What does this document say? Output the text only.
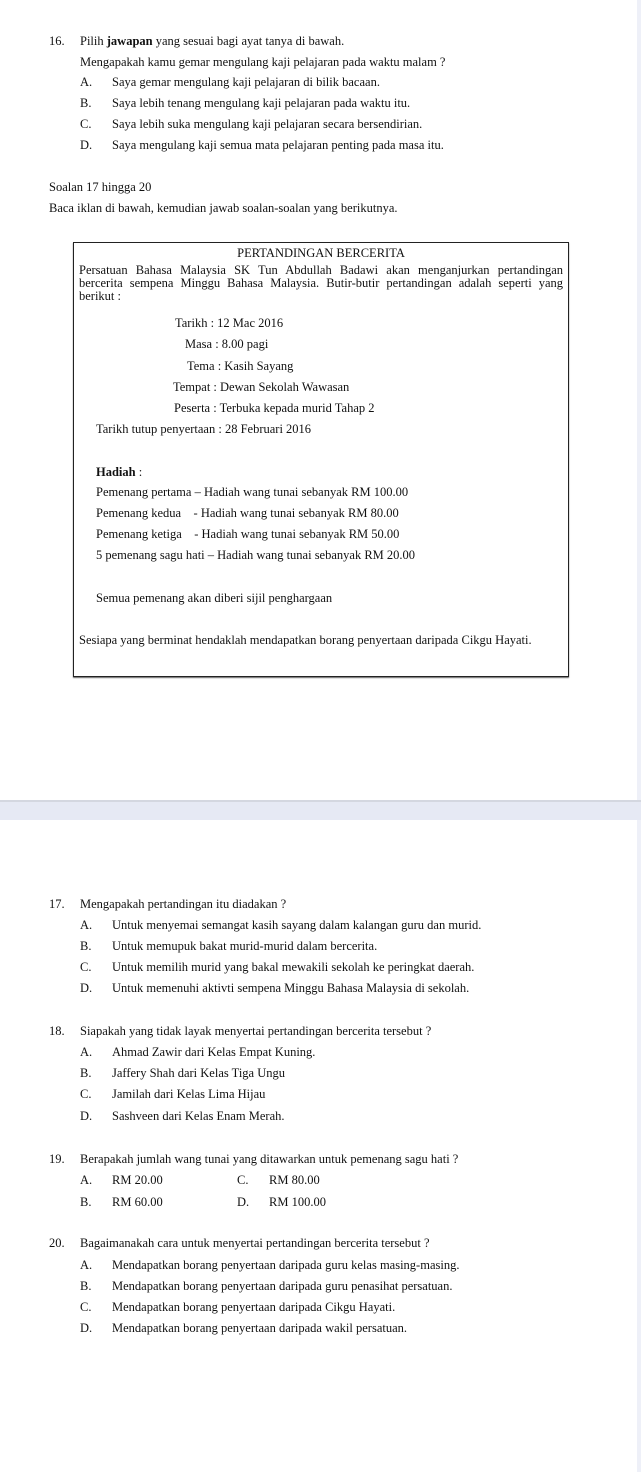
16. Pilih jawapan yang sesuai bagi ayat tanya di bawah.
Mengapakah kamu gemar mengulang kaji pelajaran pada waktu malam ?
A. Saya gemar mengulang kaji pelajaran di bilik bacaan.
B. Saya lebih tenang mengulang kaji pelajaran pada waktu itu.
C. Saya lebih suka mengulang kaji pelajaran secara bersendirian.
D. Saya mengulang kaji semua mata pelajaran penting pada masa itu.
Soalan 17 hingga 20
Baca iklan di bawah, kemudian jawab soalan-soalan yang berikutnya.
PERTANDINGAN BERCERITA
Persatuan Bahasa Malaysia SK Tun Abdullah Badawi akan menganjurkan pertandingan bercerita sempena Minggu Bahasa Malaysia. Butir-butir pertandingan adalah seperti yang berikut :
Tarikh : 12 Mac 2016
Masa : 8.00 pagi
Tema : Kasih Sayang
Tempat : Dewan Sekolah Wawasan
Peserta : Terbuka kepada murid Tahap 2
Tarikh tutup penyertaan : 28 Februari 2016
Hadiah :
Pemenang pertama – Hadiah wang tunai sebanyak RM 100.00
Pemenang kedua    - Hadiah wang tunai sebanyak RM 80.00
Pemenang ketiga    - Hadiah wang tunai sebanyak RM 50.00
5 pemenang sagu hati – Hadiah wang tunai sebanyak RM 20.00
Semua pemenang akan diberi sijil penghargaan
Sesiapa yang berminat hendaklah mendapatkan borang penyertaan daripada Cikgu Hayati.
17. Mengapakah pertandingan itu diadakan ?
A. Untuk menyemai semangat kasih sayang dalam kalangan guru dan murid.
B. Untuk memupuk bakat murid-murid dalam bercerita.
C. Untuk memilih murid yang bakal mewakili sekolah ke peringkat daerah.
D. Untuk memenuhi aktivti sempena Minggu Bahasa Malaysia di sekolah.
18. Siapakah yang tidak layak menyertai pertandingan bercerita tersebut ?
A. Ahmad Zawir dari Kelas Empat Kuning.
B. Jaffery Shah dari Kelas Tiga Ungu
C. Jamilah dari Kelas Lima Hijau
D. Sashveen dari Kelas Enam Merah.
19. Berapakah jumlah wang tunai yang ditawarkan untuk pemenang sagu hati ?
A. RM 20.00
B. RM 60.00
C. RM 80.00
D. RM 100.00
20. Bagaimanakah cara untuk menyertai pertandingan bercerita tersebut ?
A. Mendapatkan borang penyertaan daripada guru kelas masing-masing.
B. Mendapatkan borang penyertaan daripada guru penasihat persatuan.
C. Mendapatkan borang penyertaan daripada Cikgu Hayati.
D. Mendapatkan borang penyertaan daripada wakil persatuan.
